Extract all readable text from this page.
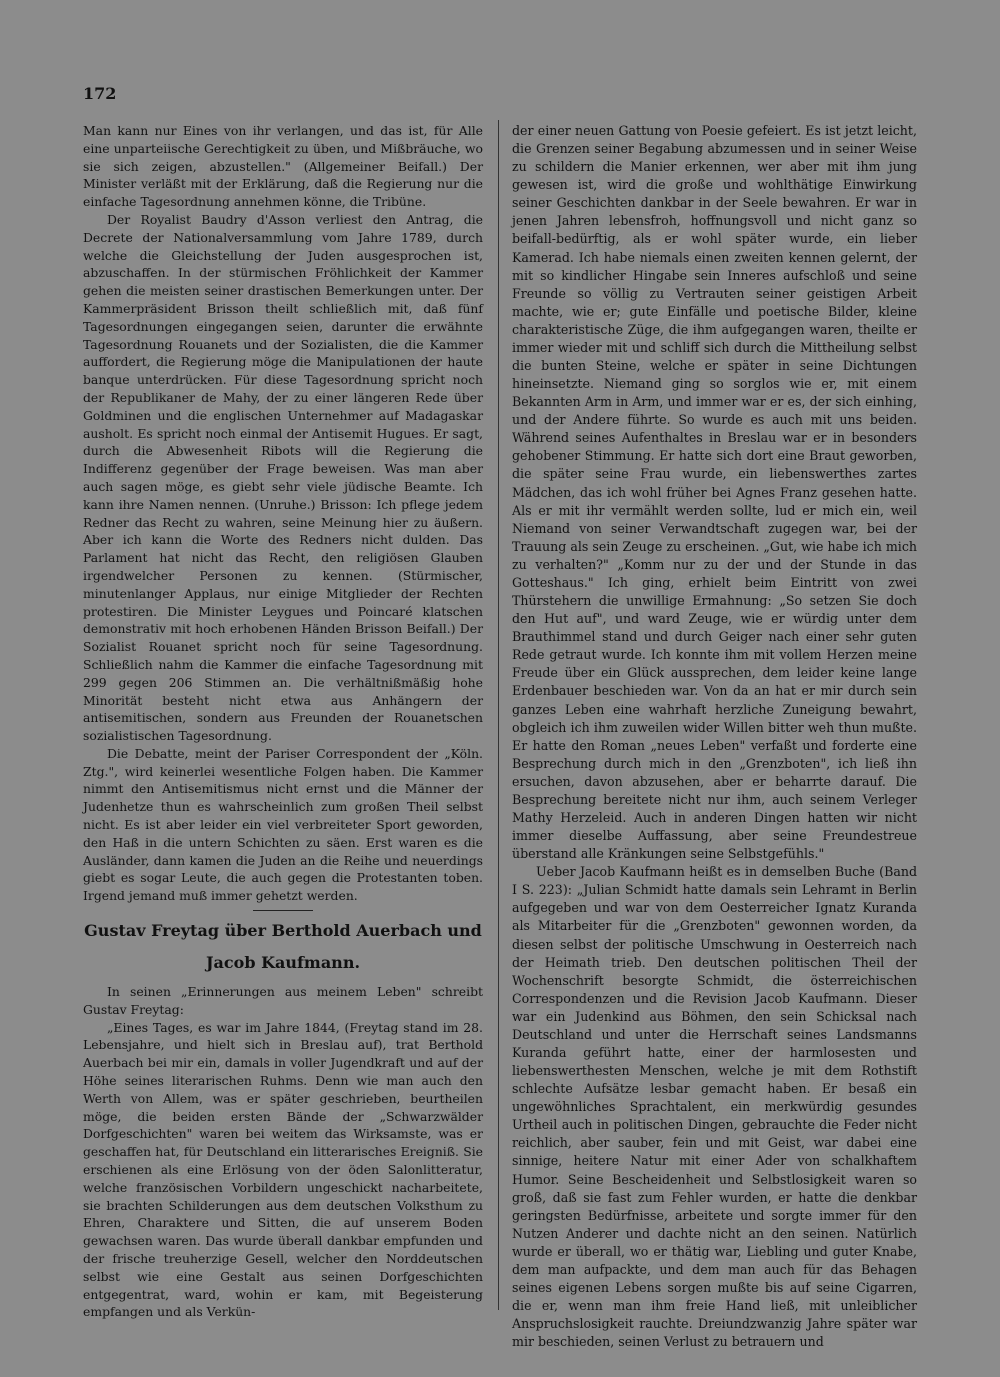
172

Man kann nur Eines von ihr verlangen, und das ist, für Alle eine unparteiische Gerechtigkeit zu üben, und Mißbräuche, wo sie sich zeigen, abzustellen." (Allgemeiner Beifall.) Der Minister verläßt mit der Erklärung, daß die Regierung nur die einfache Tagesordnung annehmen könne, die Tribüne.

Der Royalist Baudry d'Asson verliest den Antrag, die Decrete der Nationalversammlung vom Jahre 1789, durch welche die Gleichstellung der Juden ausgesprochen ist, abzuschaffen. In der stürmischen Fröhlichkeit der Kammer gehen die meisten seiner drastischen Bemerkungen unter. Der Kammerpräsident Brisson theilt schließlich mit, daß fünf Tagesordnungen eingegangen seien, darunter die erwähnte Tagesordnung Rouanets und der Sozialisten, die die Kammer auffordert, die Regierung möge die Manipulationen der haute banque unterdrücken. Für diese Tagesordnung spricht noch der Republikaner de Mahy, der zu einer längeren Rede über Goldminen und die englischen Unternehmer auf Madagaskar ausholt. Es spricht noch einmal der Antisemit Hugues. Er sagt, durch die Abwesenheit Ribots will die Regierung die Indifferenz gegenüber der Frage beweisen. Was man aber auch sagen möge, es giebt sehr viele jüdische Beamte. Ich kann ihre Namen nennen. (Unruhe.) Brisson: Ich pflege jedem Redner das Recht zu wahren, seine Meinung hier zu äußern. Aber ich kann die Worte des Redners nicht dulden. Das Parlament hat nicht das Recht, den religiösen Glauben irgendwelcher Personen zu kennen. (Stürmischer, minutenlanger Applaus, nur einige Mitglieder der Rechten protestiren. Die Minister Leygues und Poincaré klatschen demonstrativ mit hoch erhobenen Händen Brisson Beifall.) Der Sozialist Rouanet spricht noch für seine Tagesordnung. Schließlich nahm die Kammer die einfache Tagesordnung mit 299 gegen 206 Stimmen an. Die verhältnißmäßig hohe Minorität besteht nicht etwa aus Anhängern der antisemitischen, sondern aus Freunden der Rouanetschen sozialistischen Tagesordnung.

Die Debatte, meint der Pariser Correspondent der „Köln. Ztg.", wird keinerlei wesentliche Folgen haben. Die Kammer nimmt den Antisemitismus nicht ernst und die Männer der Judenhetze thun es wahrscheinlich zum großen Theil selbst nicht. Es ist aber leider ein viel verbreiteter Sport geworden, den Haß in die untern Schichten zu säen. Erst waren es die Ausländer, dann kamen die Juden an die Reihe und neuerdings giebt es sogar Leute, die auch gegen die Protestanten toben. Irgend jemand muß immer gehetzt werden.

Gustav Freytag über Berthold Auerbach und
Jacob Kaufmann.

In seinen „Erinnerungen aus meinem Leben" schreibt Gustav Freytag:

„Eines Tages, es war im Jahre 1844, (Freytag stand im 28. Lebensjahre, und hielt sich in Breslau auf), trat Berthold Auerbach bei mir ein, damals in voller Jugendkraft und auf der Höhe seines literarischen Ruhms. Denn wie man auch den Werth von Allem, was er später geschrieben, beurtheilen möge, die beiden ersten Bände der „Schwarzwälder Dorfgeschichten" waren bei weitem das Wirksamste, was er geschaffen hat, für Deutschland ein litterarisches Ereigniß. Sie erschienen als eine Erlösung von der öden Salonlitteratur, welche französischen Vorbildern ungeschickt nacharbeitete, sie brachten Schilderungen aus dem deutschen Volksthum zu Ehren, Charaktere und Sitten, die auf unserem Boden gewachsen waren. Das wurde überall dankbar empfunden und der frische treuherzige Gesell, welcher den Norddeutschen selbst wie eine Gestalt aus seinen Dorfgeschichten entgegentrat, ward, wohin er kam, mit Begeisterung empfangen und als Verkün-

der einer neuen Gattung von Poesie gefeiert. Es ist jetzt leicht, die Grenzen seiner Begabung abzumessen und in seiner Weise zu schildern die Manier erkennen, wer aber mit ihm jung gewesen ist, wird die große und wohlthätige Einwirkung seiner Geschichten dankbar in der Seele bewahren. Er war in jenen Jahren lebensfroh, hoffnungsvoll und nicht ganz so beifall-bedürftig, als er wohl später wurde, ein lieber Kamerad. Ich habe niemals einen zweiten kennen gelernt, der mit so kindlicher Hingabe sein Inneres aufschloß und seine Freunde so völlig zu Vertrauten seiner geistigen Arbeit machte, wie er; gute Einfälle und poetische Bilder, kleine charakteristische Züge, die ihm aufgegangen waren, theilte er immer wieder mit und schliff sich durch die Mittheilung selbst die bunten Steine, welche er später in seine Dichtungen hineinsetzte. Niemand ging so sorglos wie er, mit einem Bekannten Arm in Arm, und immer war er es, der sich einhing, und der Andere führte. So wurde es auch mit uns beiden. Während seines Aufenthaltes in Breslau war er in besonders gehobener Stimmung. Er hatte sich dort eine Braut geworben, die später seine Frau wurde, ein liebenswerthes zartes Mädchen, das ich wohl früher bei Agnes Franz gesehen hatte. Als er mit ihr vermählt werden sollte, lud er mich ein, weil Niemand von seiner Verwandtschaft zugegen war, bei der Trauung als sein Zeuge zu erscheinen. „Gut, wie habe ich mich zu verhalten?" „Komm nur zu der und der Stunde in das Gotteshaus." Ich ging, erhielt beim Eintritt von zwei Thürstehern die unwillige Ermahnung: „So setzen Sie doch den Hut auf", und ward Zeuge, wie er würdig unter dem Brauthimmel stand und durch Geiger nach einer sehr guten Rede getraut wurde. Ich konnte ihm mit vollem Herzen meine Freude über ein Glück aussprechen, dem leider keine lange Erdenbauer beschieden war. Von da an hat er mir durch sein ganzes Leben eine wahrhaft herzliche Zuneigung bewahrt, obgleich ich ihm zuweilen wider Willen bitter weh thun mußte. Er hatte den Roman „neues Leben" verfaßt und forderte eine Besprechung durch mich in den „Grenzboten", ich ließ ihn ersuchen, davon abzusehen, aber er beharrte darauf. Die Besprechung bereitete nicht nur ihm, auch seinem Verleger Mathy Herzeleid. Auch in anderen Dingen hatten wir nicht immer dieselbe Auffassung, aber seine Freundestreue überstand alle Kränkungen seine Selbstgefühls."

Ueber Jacob Kaufmann heißt es in demselben Buche (Band I S. 223): „Julian Schmidt hatte damals sein Lehramt in Berlin aufgegeben und war von dem Oesterreicher Ignatz Kuranda als Mitarbeiter für die „Grenzboten" gewonnen worden, da diesen selbst der politische Umschwung in Oesterreich nach der Heimath trieb. Den deutschen politischen Theil der Wochenschrift besorgte Schmidt, die österreichischen Correspondenzen und die Revision Jacob Kaufmann. Dieser war ein Judenkind aus Böhmen, den sein Schicksal nach Deutschland und unter die Herrschaft seines Landsmanns Kuranda geführt hatte, einer der harmlosesten und liebenswerthesten Menschen, welche je mit dem Rothstift schlechte Aufsätze lesbar gemacht haben. Er besaß ein ungewöhnliches Sprachtalent, ein merkwürdig gesundes Urtheil auch in politischen Dingen, gebrauchte die Feder nicht reichlich, aber sauber, fein und mit Geist, war dabei eine sinnige, heitere Natur mit einer Ader von schalkhaftem Humor. Seine Bescheidenheit und Selbstlosigkeit waren so groß, daß sie fast zum Fehler wurden, er hatte die denkbar geringsten Bedürfnisse, arbeitete und sorgte immer für den Nutzen Anderer und dachte nicht an den seinen. Natürlich wurde er überall, wo er thätig war, Liebling und guter Knabe, dem man aufpackte, und dem man auch für das Behagen seines eigenen Lebens sorgen mußte bis auf seine Cigarren, die er, wenn man ihm freie Hand ließ, mit unleiblicher Anspruchslosigkeit rauchte. Dreiundzwanzig Jahre später war mir beschieden, seinen Verlust zu betrauern und
